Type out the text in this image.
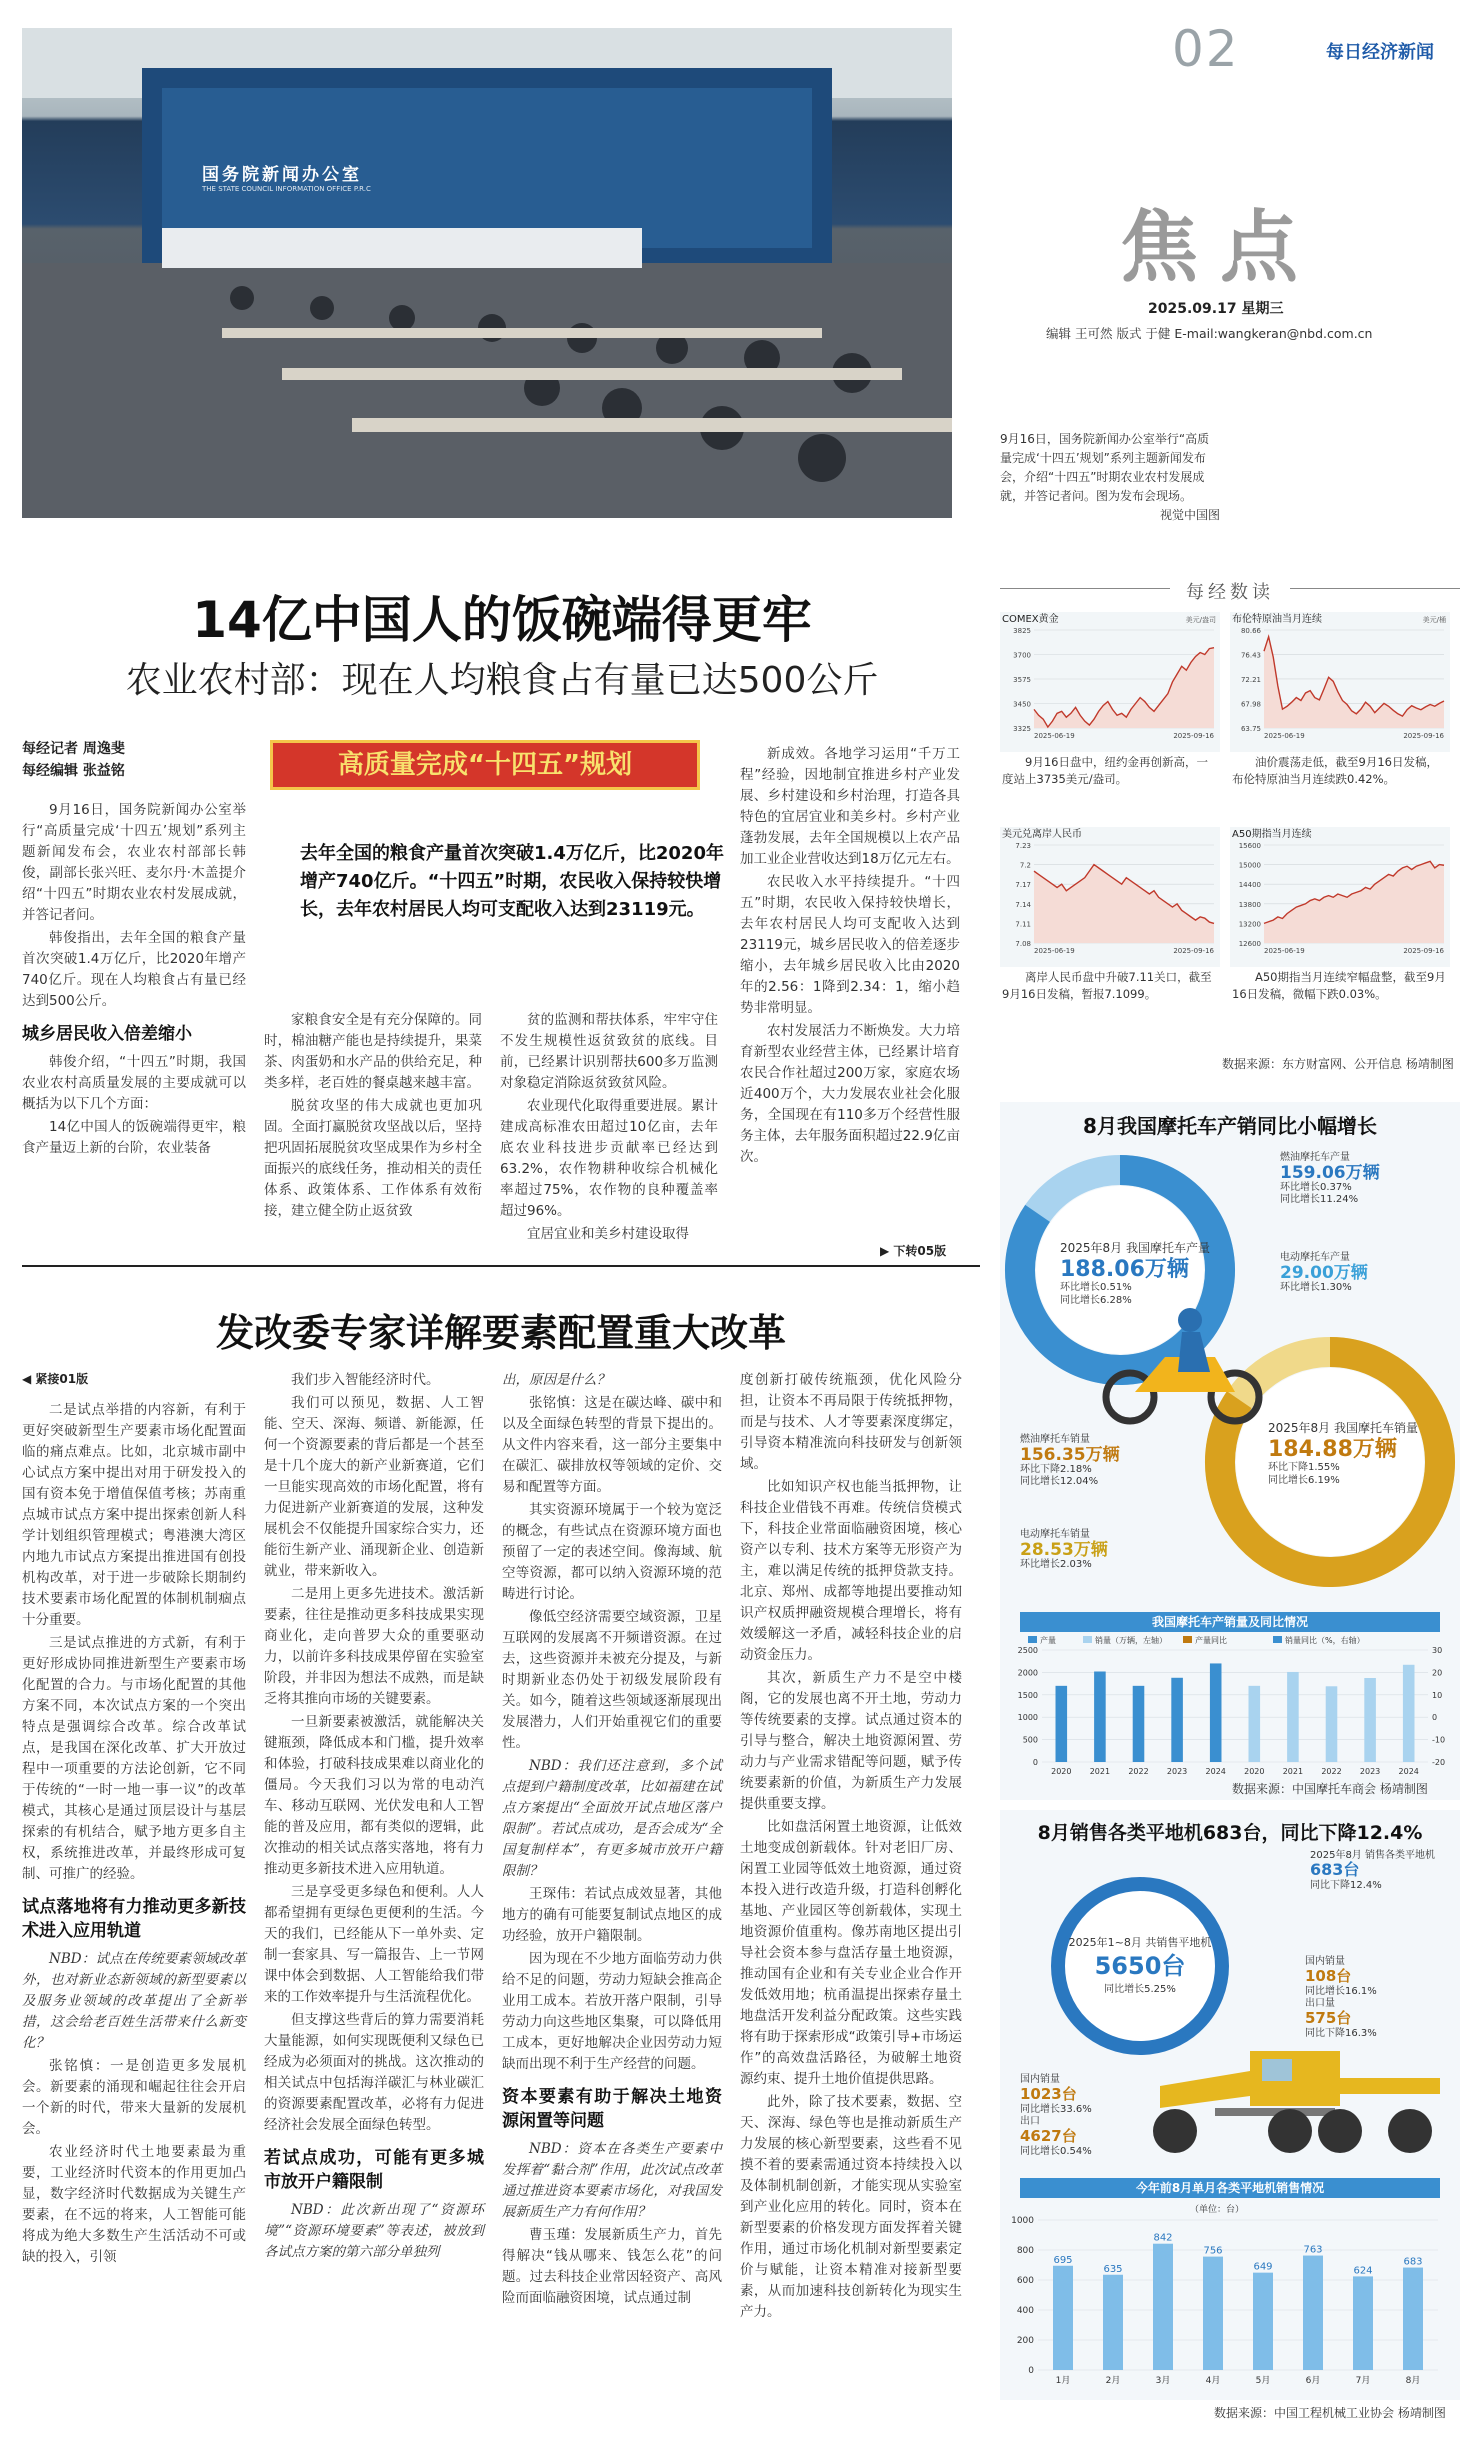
02	每日经济新闻
焦点
2025.09.17 星期三
编辑 王可然 版式 于健 E-mail:wangkeran@nbd.com.cn
国务院新闻办公室
THE STATE COUNCIL INFORMATION OFFICE P.R.C
9月16日，国务院新闻办公室举行“高质量完成‘十四五’规划”系列主题新闻发布会，介绍“十四五”时期农业农村发展成就，并答记者问。图为发布会现场。
视觉中国图
14亿中国人的饭碗端得更牢
农业农村部：现在人均粮食占有量已达500公斤
每经记者 周逸斐
每经编辑 张益铭	高质量完成“十四五”规划
去年全国的粮食产量首次突破1.4万亿斤，比2020年增产740亿斤。“十四五”时期，农民收入保持较快增长，去年农村居民人均可支配收入达到23119元。

9月16日，国务院新闻办公室举行“高质量完成‘十四五’规划”系列主题新闻发布会，农业农村部部长韩俊，副部长张兴旺、麦尔丹·木盖提介绍“十四五”时期农业农村发展成就，并答记者问。

韩俊指出，去年全国的粮食产量首次突破1.4万亿斤，比2020年增产740亿斤。现在人均粮食占有量已经达到500公斤。

城乡居民收入倍差缩小

韩俊介绍，“十四五”时期，我国农业农村高质量发展的主要成就可以概括为以下几个方面：

14亿中国人的饭碗端得更牢，粮食产量迈上新的台阶，农业装备

家粮食安全是有充分保障的。同时，棉油糖产能也是持续提升，果菜茶、肉蛋奶和水产品的供给充足，种类多样，老百姓的餐桌越来越丰富。

脱贫攻坚的伟大成就也更加巩固。全面打赢脱贫攻坚战以后，坚持把巩固拓展脱贫攻坚成果作为乡村全面振兴的底线任务，推动相关的责任体系、政策体系、工作体系有效衔接，建立健全防止返贫致

贫的监测和帮扶体系，牢牢守住不发生规模性返贫致贫的底线。目前，已经累计识别帮扶600多万监测对象稳定消除返贫致贫风险。

农业现代化取得重要进展。累计建成高标准农田超过10亿亩，去年底农业科技进步贡献率已经达到63.2%，农作物耕种收综合机械化率超过75%，农作物的良种覆盖率超过96%。

宜居宜业和美乡村建设取得

新成效。各地学习运用“千万工程”经验，因地制宜推进乡村产业发展、乡村建设和乡村治理，打造各具特色的宜居宜业和美乡村。乡村产业蓬勃发展，去年全国规模以上农产品加工业企业营收达到18万亿元左右。

农民收入水平持续提升。“十四五”时期，农民收入保持较快增长，去年农村居民人均可支配收入达到23119元，城乡居民收入的倍差逐步缩小，去年城乡居民收入比由2020年的2.56：1降到2.34：1，缩小趋势非常明显。

农村发展活力不断焕发。大力培育新型农业经营主体，已经累计培育农民合作社超过200万家，家庭农场近400万个，大力发展农业社会化服务，全国现在有110多万个经营性服务主体，去年服务面积超过22.9亿亩次。

▶ 下转05版
发改委专家详解要素配置重大改革
◀ 紧接01版

二是试点举措的内容新，有利于更好突破新型生产要素市场化配置面临的痛点难点。比如，北京城市副中心试点方案中提出对用于研发投入的国有资本免于增值保值考核；苏南重点城市试点方案中提出探索创新人科学计划组织管理模式；粤港澳大湾区内地九市试点方案提出推进国有创投机构改革，对于进一步破除长期制约技术要素市场化配置的体制机制痼点十分重要。

三是试点推进的方式新，有利于更好形成协同推进新型生产要素市场化配置的合力。与市场化配置的其他方案不同，本次试点方案的一个突出特点是强调综合改革。综合改革试点，是我国在深化改革、扩大开放过程中一项重要的方法论创新，它不同于传统的“一时一地一事一议”的改革模式，其核心是通过顶层设计与基层探索的有机结合，赋予地方更多自主权，系统推进改革，并最终形成可复制、可推广的经验。

试点落地将有力推动更多新技术进入应用轨道

NBD：试点在传统要素领域改革外，也对新业态新领域的新型要素以及服务业领域的改革提出了全新举措，这会给老百姓生活带来什么新变化？

张铭慎：一是创造更多发展机会。新要素的涌现和崛起往往会开启一个新的时代，带来大量新的发展机会。

农业经济时代土地要素最为重要，工业经济时代资本的作用更加凸显，数字经济时代数据成为关键生产要素，在不远的将来，人工智能可能将成为绝大多数生产生活活动不可或缺的投入，引领

我们步入智能经济时代。

我们可以预见，数据、人工智能、空天、深海、频谱、新能源，任何一个资源要素的背后都是一个甚至是十几个庞大的新产业新赛道，它们一旦能实现高效的市场化配置，将有力促进新产业新赛道的发展，这种发展机会不仅能提升国家综合实力，还能衍生新产业、涌现新企业、创造新就业，带来新收入。

二是用上更多先进技术。激活新要素，往往是推动更多科技成果实现商业化，走向普罗大众的重要驱动力，以前许多科技成果停留在实验室阶段，并非因为想法不成熟，而是缺乏将其推向市场的关键要素。

一旦新要素被激活，就能解决关键瓶颈，降低成本和门槛，提升效率和体验，打破科技成果难以商业化的僵局。今天我们习以为常的电动汽车、移动互联网、光伏发电和人工智能的普及应用，都有类似的逻辑，此次推动的相关试点落实落地，将有力推动更多新技术进入应用轨道。

三是享受更多绿色和便利。人人都希望拥有更绿色更便利的生活。今天的我们，已经能从下一单外卖、定制一套家具、写一篇报告、上一节网课中体会到数据、人工智能给我们带来的工作效率提升与生活流程优化。

但支撑这些背后的算力需要消耗大量能源，如何实现既便利又绿色已经成为必须面对的挑战。这次推动的相关试点中包括海洋碳汇与林业碳汇的资源要素配置改革，必将有力促进经济社会发展全面绿色转型。

若试点成功，可能有更多城市放开户籍限制

NBD：此次新出现了“资源环境”“资源环境要素”等表述，被放到各试点方案的第六部分单独列

出，原因是什么？

张铭慎：这是在碳达峰、碳中和以及全面绿色转型的背景下提出的。从文件内容来看，这一部分主要集中在碳汇、碳排放权等领域的定价、交易和配置等方面。

其实资源环境属于一个较为宽泛的概念，有些试点在资源环境方面也预留了一定的表述空间。像海域、航空等资源，都可以纳入资源环境的范畴进行讨论。

像低空经济需要空域资源，卫星互联网的发展离不开频谱资源。在过去，这些资源并未被充分提及，与新时期新业态仍处于初级发展阶段有关。如今，随着这些领域逐渐展现出发展潜力，人们开始重视它们的重要性。

NBD：我们还注意到，多个试点提到户籍制度改革，比如福建在试点方案提出“全面放开试点地区落户限制”。若试点成功，是否会成为“全国复制样本”，有更多城市放开户籍限制？

王琛伟：若试点成效显著，其他地方的确有可能要复制试点地区的成功经验，放开户籍限制。

因为现在不少地方面临劳动力供给不足的问题，劳动力短缺会推高企业用工成本。若放开落户限制，引导劳动力向这些地区集聚，可以降低用工成本，更好地解决企业因劳动力短缺而出现不利于生产经营的问题。

资本要素有助于解决土地资源闲置等问题

NBD：资本在各类生产要素中发挥着“黏合剂”作用，此次试点改革通过推进资本要素市场化，对我国发展新质生产力有何作用？

曹玉瑾：发展新质生产力，首先得解决“钱从哪来、钱怎么花”的问题。过去科技企业常因轻资产、高风险而面临融资困境，试点通过制

度创新打破传统瓶颈，优化风险分担，让资本不再局限于传统抵押物，而是与技术、人才等要素深度绑定，引导资本精准流向科技研发与创新领域。

比如知识产权也能当抵押物，让科技企业借钱不再难。传统信贷模式下，科技企业常面临融资困境，核心资产以专利、技术方案等无形资产为主，难以满足传统的抵押贷款支持。北京、郑州、成都等地提出要推动知识产权质押融资规模合理增长，将有效缓解这一矛盾，减轻科技企业的启动资金压力。

其次，新质生产力不是空中楼阁，它的发展也离不开土地，劳动力等传统要素的支撑。试点通过资本的引导与整合，解决土地资源闲置、劳动力与产业需求错配等问题，赋予传统要素新的价值，为新质生产力发展提供重要支撑。

比如盘活闲置土地资源，让低效土地变成创新载体。针对老旧厂房、闲置工业园等低效土地资源，通过资本投入进行改造升级，打造科创孵化基地、产业园区等创新载体，实现土地资源价值重构。像苏南地区提出引导社会资本参与盘活存量土地资源，推动国有企业和有关专业企业合作开发低效用地；杭甬温提出探索存量土地盘活开发利益分配政策。这些实践将有助于探索形成“政策引导+市场运作”的高效盘活路径，为破解土地资源约束、提升土地价值提供思路。

此外，除了技术要素，数据、空天、深海、绿色等也是推动新质生产力发展的核心新型要素，这些看不见摸不着的要素需通过资本持续投入以及体制机制创新，才能实现从实验室到产业化应用的转化。同时，资本在新型要素的价格发现方面发挥着关键作用，通过市场化机制对新型要素定价与赋能，让资本精准对接新型要素，从而加速科技创新转化为现实生产力。

每经数读
COMEX黄金	美元/盎司
3325
3450
3575
3700
3825
2025-06-19	2025-09-16
9月16日盘中，纽约金再创新高，一度站上3735美元/盎司。
布伦特原油当月连续	美元/桶
63.75
67.98
72.21
76.43
80.66
2025-06-19	2025-09-16
油价震荡走低，截至9月16日发稿，布伦特原油当月连续跌0.42%。
美元兑离岸人民币
7.08
7.11
7.14
7.17
7.2
7.23
2025-06-19	2025-09-16
离岸人民币盘中升破7.11关口，截至9月16日发稿，暂报7.1099。
A50期指当月连续
12600
13200
13800
14400
15000
15600
2025-06-19	2025-09-16
A50期指当月连续窄幅盘整，截至9月16日发稿，微幅下跌0.03%。
数据来源：东方财富网、公开信息 杨靖制图
8月我国摩托车产销同比小幅增长
2025年8月 我国摩托车产量
188.06万辆
环比增长0.51%
同比增长6.28%
燃油摩托车产量
159.06万辆
环比增长0.37%
同比增长11.24%
电动摩托车产量
29.00万辆
环比增长1.30%
2025年8月 我国摩托车销量
184.88万辆
环比下降1.55%
同比增长6.19%
燃油摩托车销量
156.35万辆
环比下降2.18%
同比增长12.04%
电动摩托车销量
28.53万辆
环比增长2.03%
我国摩托车产销量及同比情况
产量	销量（万辆，左轴）	产量同比	销量同比（%，右轴）
0
500
1000
1500
2000
2500
-20
-10
0
10
20
30
2020 2021 2022 2023 2024 2020 2021 2022 2023 2024
数据来源：中国摩托车商会 杨靖制图
8月销售各类平地机683台，同比下降12.4%
2025年1~8月 共销售平地机
5650台
同比增长5.25%
2025年8月 销售各类平地机
683台
同比下降12.4%
国内销量
108台
同比增长16.1%
出口量
575台
同比下降16.3%
国内销量
1023台
同比增长33.6%
出口
4627台
同比增长0.54%
今年前8月单月各类平地机销售情况
（单位：台）
0
200
400
600
800
1000
695
1月
635
2月
842
3月
756
4月
649
5月
763
6月
624
7月
683
8月
数据来源：中国工程机械工业协会 杨靖制图
